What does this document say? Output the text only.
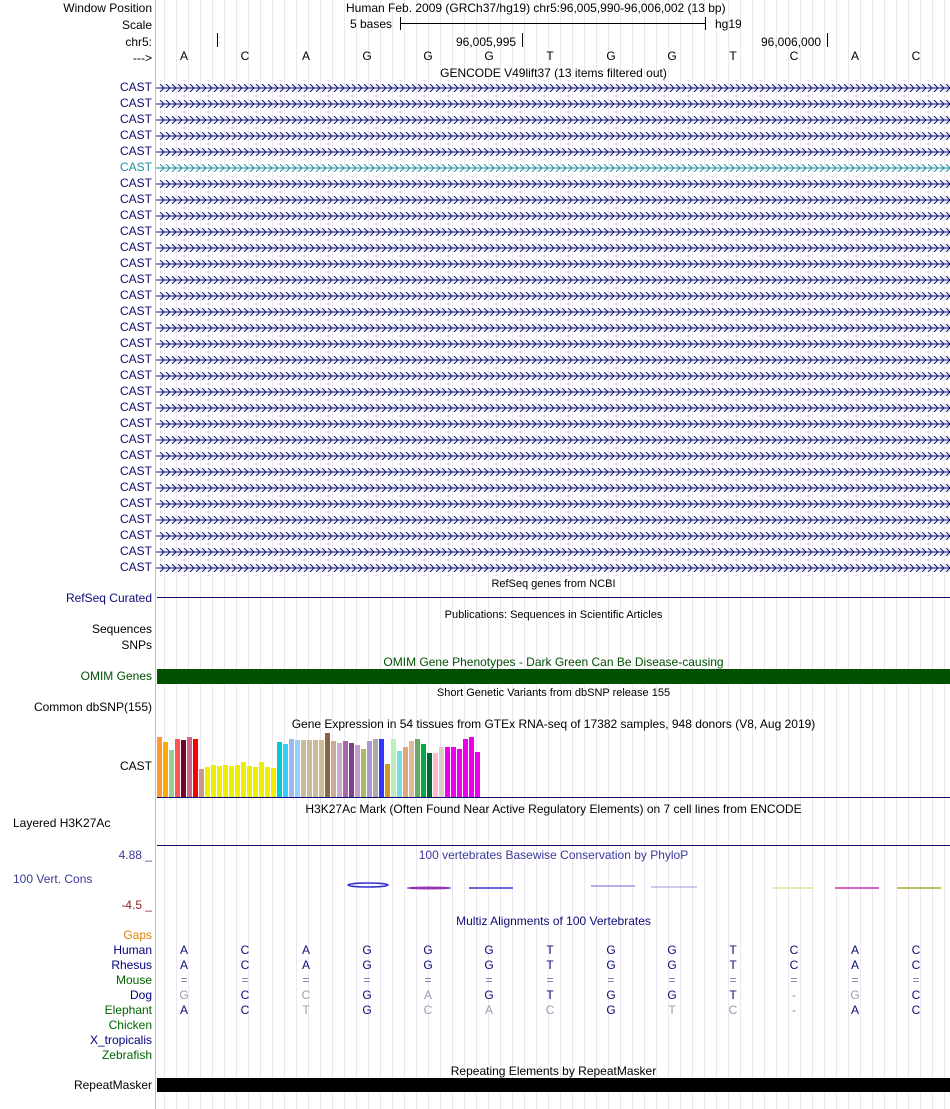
Window Position	Human Feb. 2009 (GRCh37/hg19) chr5:96,005,990-96,006,002 (13 bp)
Scale	5 bases	hg19
chr5:	96,005,995	96,006,000
--->	A	C	A	G	G	G	T	G	G	T	C	A	C
GENCODE V49lift37 (13 items filtered out)
CAST
CAST
CAST
CAST
CAST
CAST
CAST
CAST
CAST
CAST
CAST
CAST
CAST
CAST
CAST
CAST
CAST
CAST
CAST
CAST
CAST
CAST
CAST
CAST
CAST
CAST
CAST
CAST
CAST
CAST
CAST
RefSeq genes from NCBI
RefSeq Curated
Publications: Sequences in Scientific Articles
Sequences
SNPs
OMIM Gene Phenotypes - Dark Green Can Be Disease-causing
OMIM Genes
Short Genetic Variants from dbSNP release 155
Common dbSNP(155)
Gene Expression in 54 tissues from GTEx RNA-seq of 17382 samples, 948 donors (V8, Aug 2019)
CAST
H3K27Ac Mark (Often Found Near Active Regulatory Elements) on 7 cell lines from ENCODE
Layered H3K27Ac
100 vertebrates Basewise Conservation by PhyloP
4.88 _
100 Vert. Cons
-4.5 _
Multiz Alignments of 100 Vertebrates
Gaps
Human	A	C	A	G	G	G	T	G	G	T	C	A	C
Rhesus	A	C	A	G	G	G	T	G	G	T	C	A	C
Mouse	=	=	=	=	=	=	=	=	=	=	=	=	=
Dog	G	C	C	G	A	G	T	G	G	T	-	G	C
Elephant	A	C	T	G	C	A	C	G	T	C	-	A	C
Chicken
X_tropicalis
Zebrafish
Repeating Elements by RepeatMasker
RepeatMasker
